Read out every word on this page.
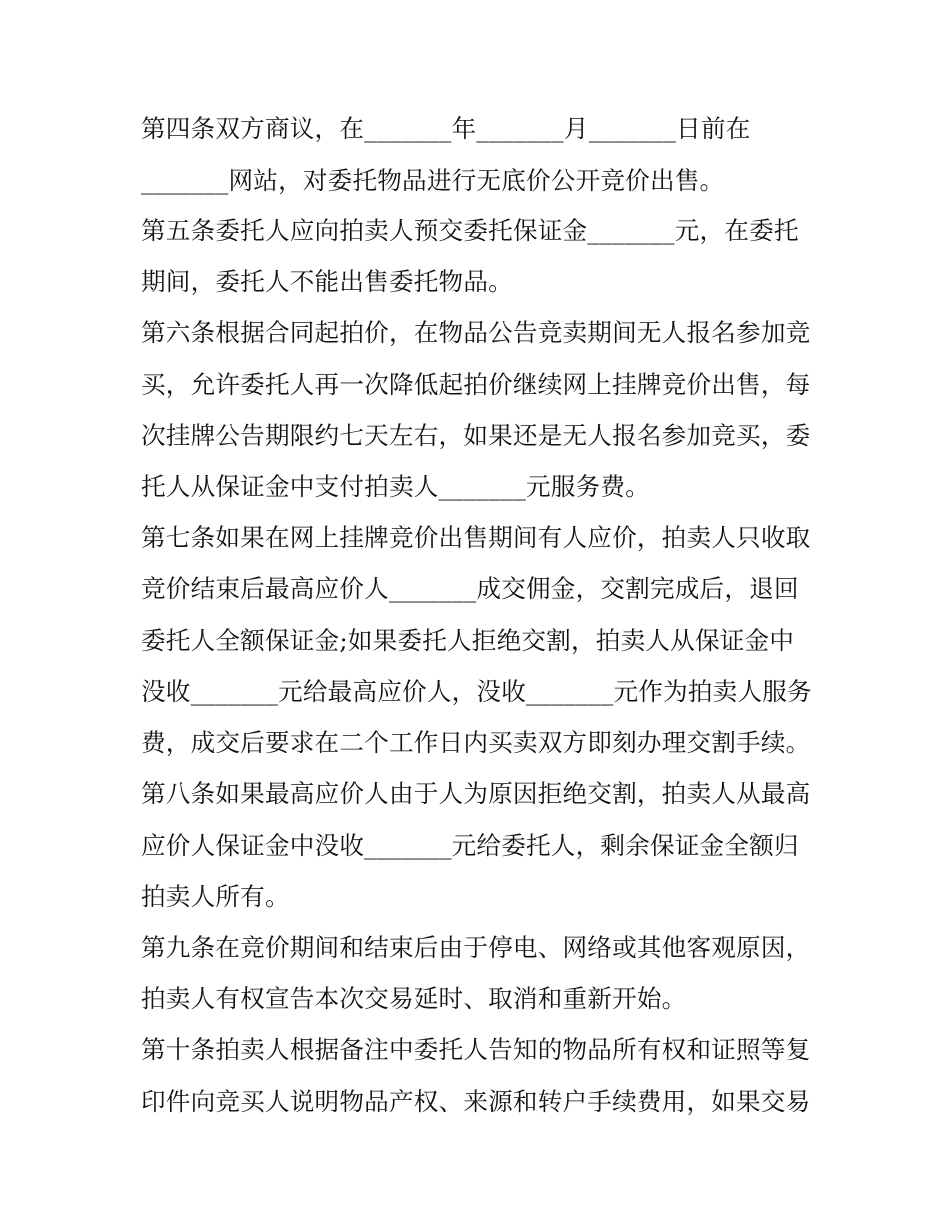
第四条双方商议，在_______年_______月_______日前在
_______网站，对委托物品进行无底价公开竞价出售。
第五条委托人应向拍卖人预交委托保证金_______元，在委托
期间，委托人不能出售委托物品。
第六条根据合同起拍价，在物品公告竞卖期间无人报名参加竞
买，允许委托人再一次降低起拍价继续网上挂牌竞价出售，每
次挂牌公告期限约七天左右，如果还是无人报名参加竞买，委
托人从保证金中支付拍卖人_______元服务费。
第七条如果在网上挂牌竞价出售期间有人应价，拍卖人只收取
竞价结束后最高应价人_______成交佣金，交割完成后，退回
委托人全额保证金;如果委托人拒绝交割，拍卖人从保证金中
没收_______元给最高应价人，没收_______元作为拍卖人服务
费，成交后要求在二个工作日内买卖双方即刻办理交割手续。
第八条如果最高应价人由于人为原因拒绝交割，拍卖人从最高
应价人保证金中没收_______元给委托人，剩余保证金全额归
拍卖人所有。
第九条在竞价期间和结束后由于停电、网络或其他客观原因，
拍卖人有权宣告本次交易延时、取消和重新开始。
第十条拍卖人根据备注中委托人告知的物品所有权和证照等复
印件向竞买人说明物品产权、来源和转户手续费用，如果交易
